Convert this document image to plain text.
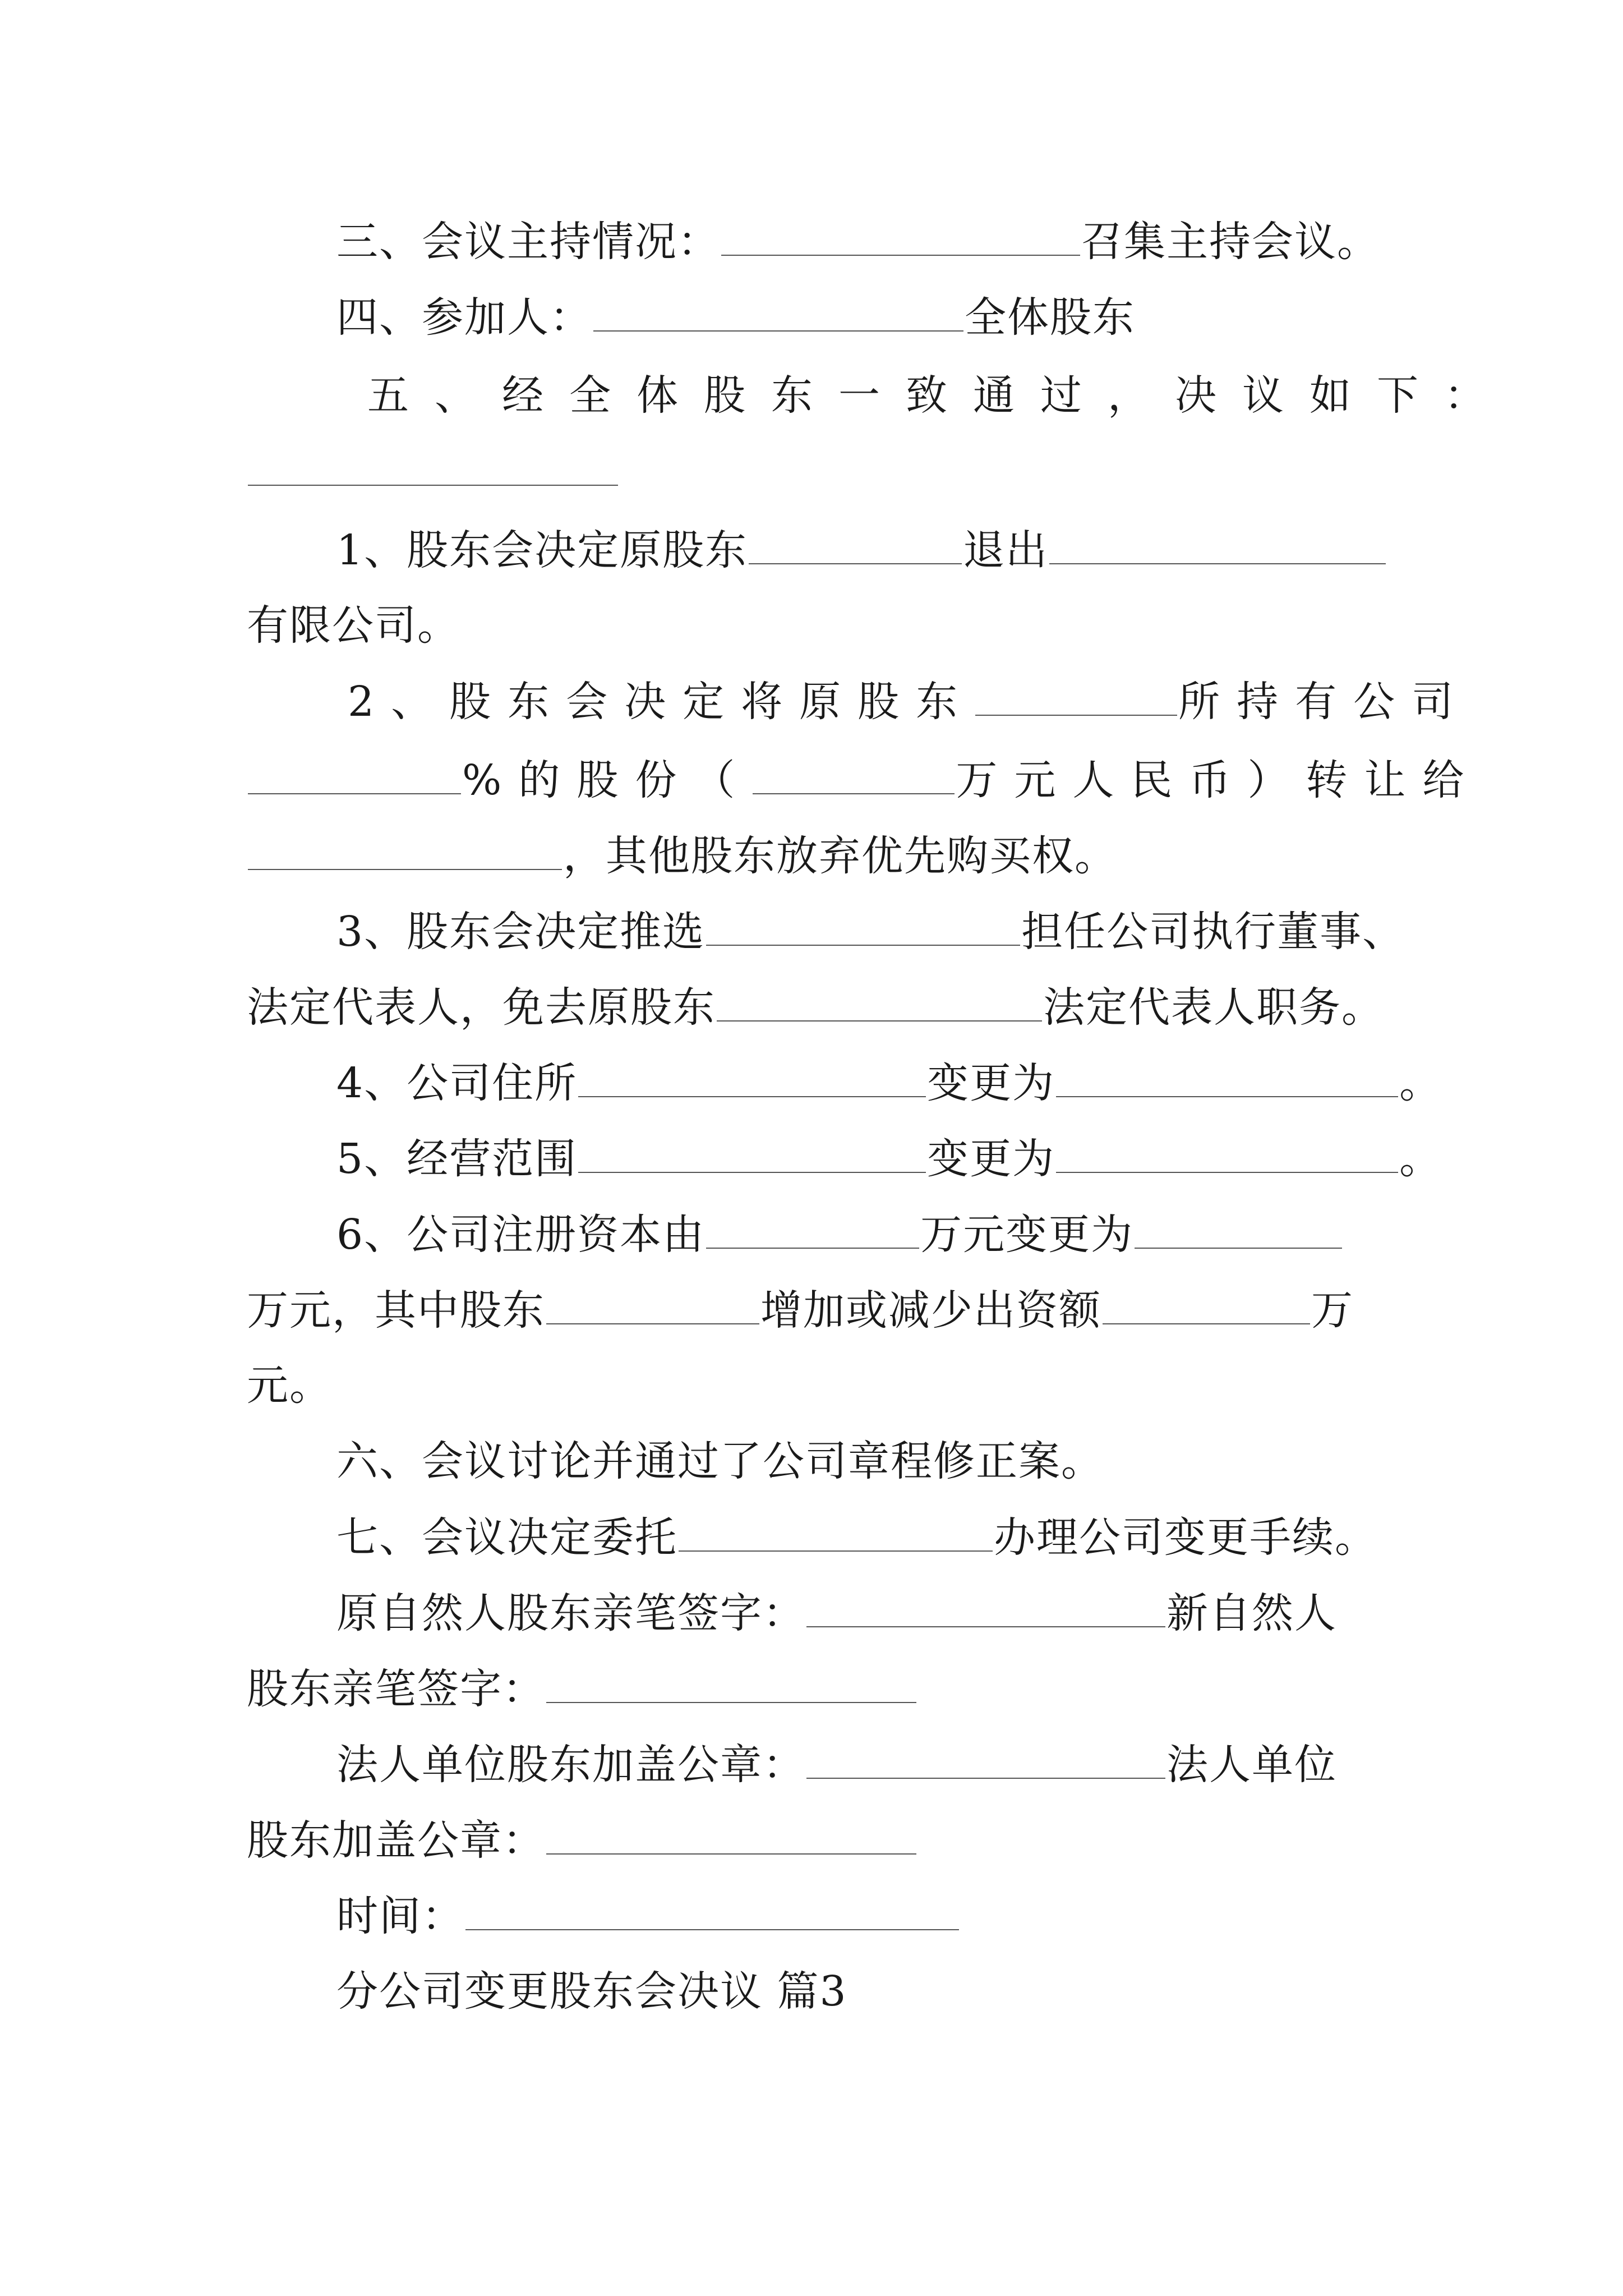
三、会议主持情况：	召集主持会议。
四、参加人：	全体股东
五、经全体股东一致通过，决议如下：
1、股东会决定原股东	退出
有限公司。
2、股东会决定将原股东	所持有公司
%的股份（	万元人民币）转让给
，其他股东放弃优先购买权。
3、股东会决定推选	担任公司执行董事、
法定代表人，免去原股东	法定代表人职务。
4、公司住所	变更为	。
5、经营范围	变更为	。
6、公司注册资本由	万元变更为
万元，其中股东	增加或减少出资额	万
元。
六、会议讨论并通过了公司章程修正案。
七、会议决定委托	办理公司变更手续。
原自然人股东亲笔签字：	新自然人
股东亲笔签字：
法人单位股东加盖公章：	法人单位
股东加盖公章：
时间：
分公司变更股东会决议 篇3
